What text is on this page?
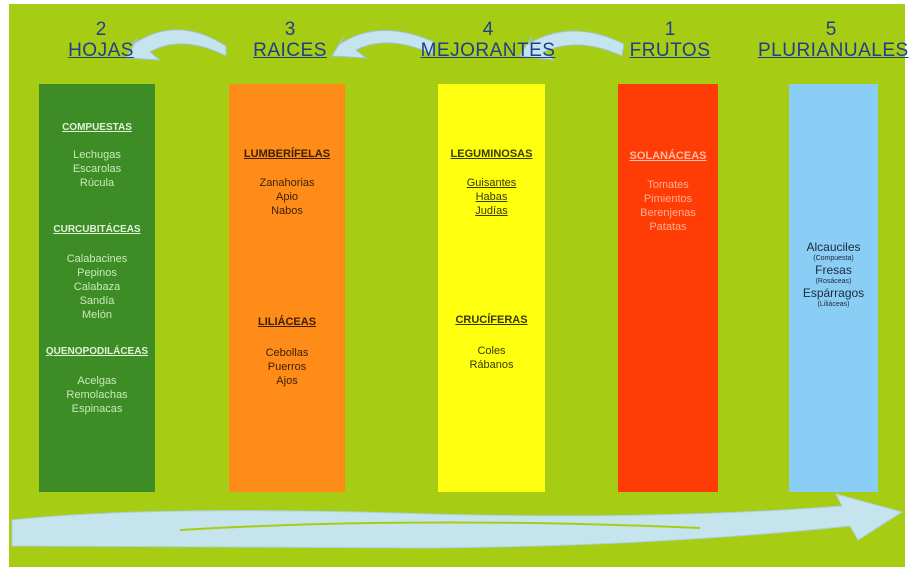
2
HOJAS
3
RAICES
4
MEJORANTES
1
FRUTOS
5
PLURIANUALES
COMPUESTAS
Lechugas
Escarolas
Rúcula
CURCUBITÁCEAS
Calabacines
Pepinos
Calabaza
Sandía
Melón
QUENOPODILÁCEAS
Acelgas
Remolachas
Espinacas
LUMBERÍFELAS
Zanahorias
Apio
Nabos
LILIÁCEAS
Cebollas
Puerros
Ajos
LEGUMINOSAS
Guisantes
Habas
Judías
CRUCÍFERAS
Coles
Rábanos
SOLANÁCEAS
Tomates
Pimientos
Berenjenas
Patatas
Alcauciles
(Compuesta)
Fresas
(Rosáceas)
Espárragos
(Liliáceas)
